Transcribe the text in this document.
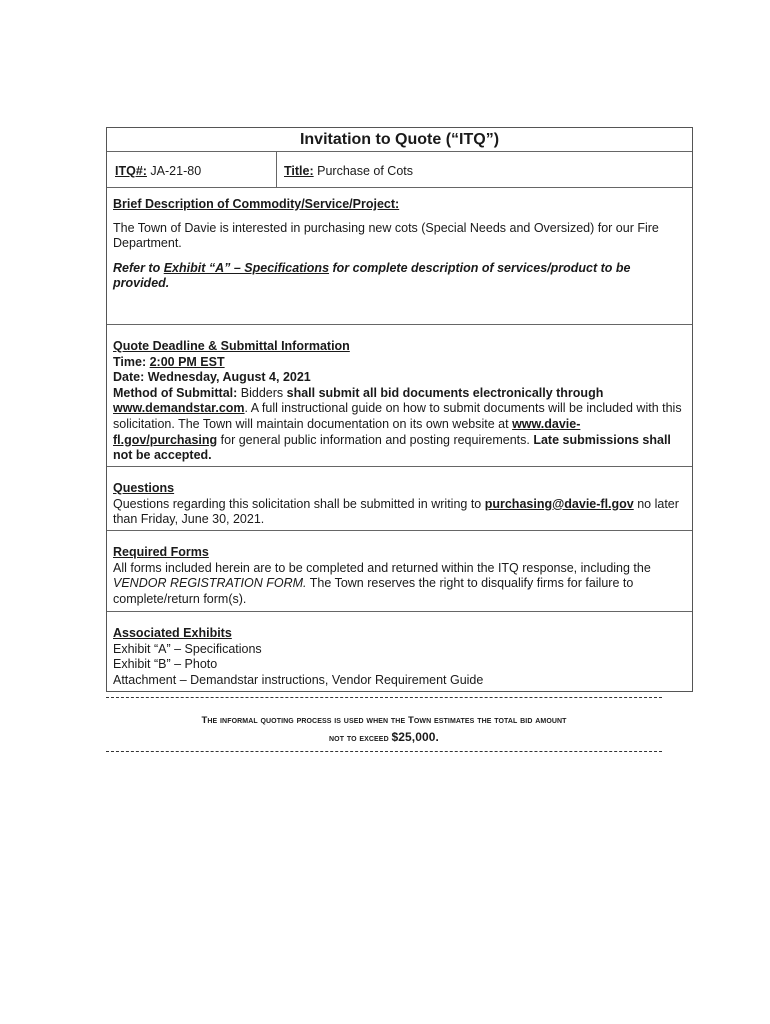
Invitation to Quote (“ITQ”)
ITQ#: JA-21-80	Title: Purchase of Cots
Brief Description of Commodity/Service/Project:
The Town of Davie is interested in purchasing new cots (Special Needs and Oversized) for our Fire Department.
Refer to Exhibit “A” – Specifications for complete description of services/product to be provided.
Quote Deadline & Submittal Information
Time: 2:00 PM EST
Date: Wednesday, August 4, 2021
Method of Submittal: Bidders shall submit all bid documents electronically through www.demandstar.com. A full instructional guide on how to submit documents will be included with this solicitation. The Town will maintain documentation on its own website at www.davie-fl.gov/purchasing for general public information and posting requirements. Late submissions shall not be accepted.
Questions
Questions regarding this solicitation shall be submitted in writing to purchasing@davie-fl.gov no later than Friday, June 30, 2021.
Required Forms
All forms included herein are to be completed and returned within the ITQ response, including the VENDOR REGISTRATION FORM. The Town reserves the right to disqualify firms for failure to complete/return form(s).
Associated Exhibits
Exhibit “A” – Specifications
Exhibit “B” – Photo
Attachment – Demandstar instructions, Vendor Requirement Guide
The informal quoting process is used when the Town estimates the total bid amount
not to exceed $25,000.
